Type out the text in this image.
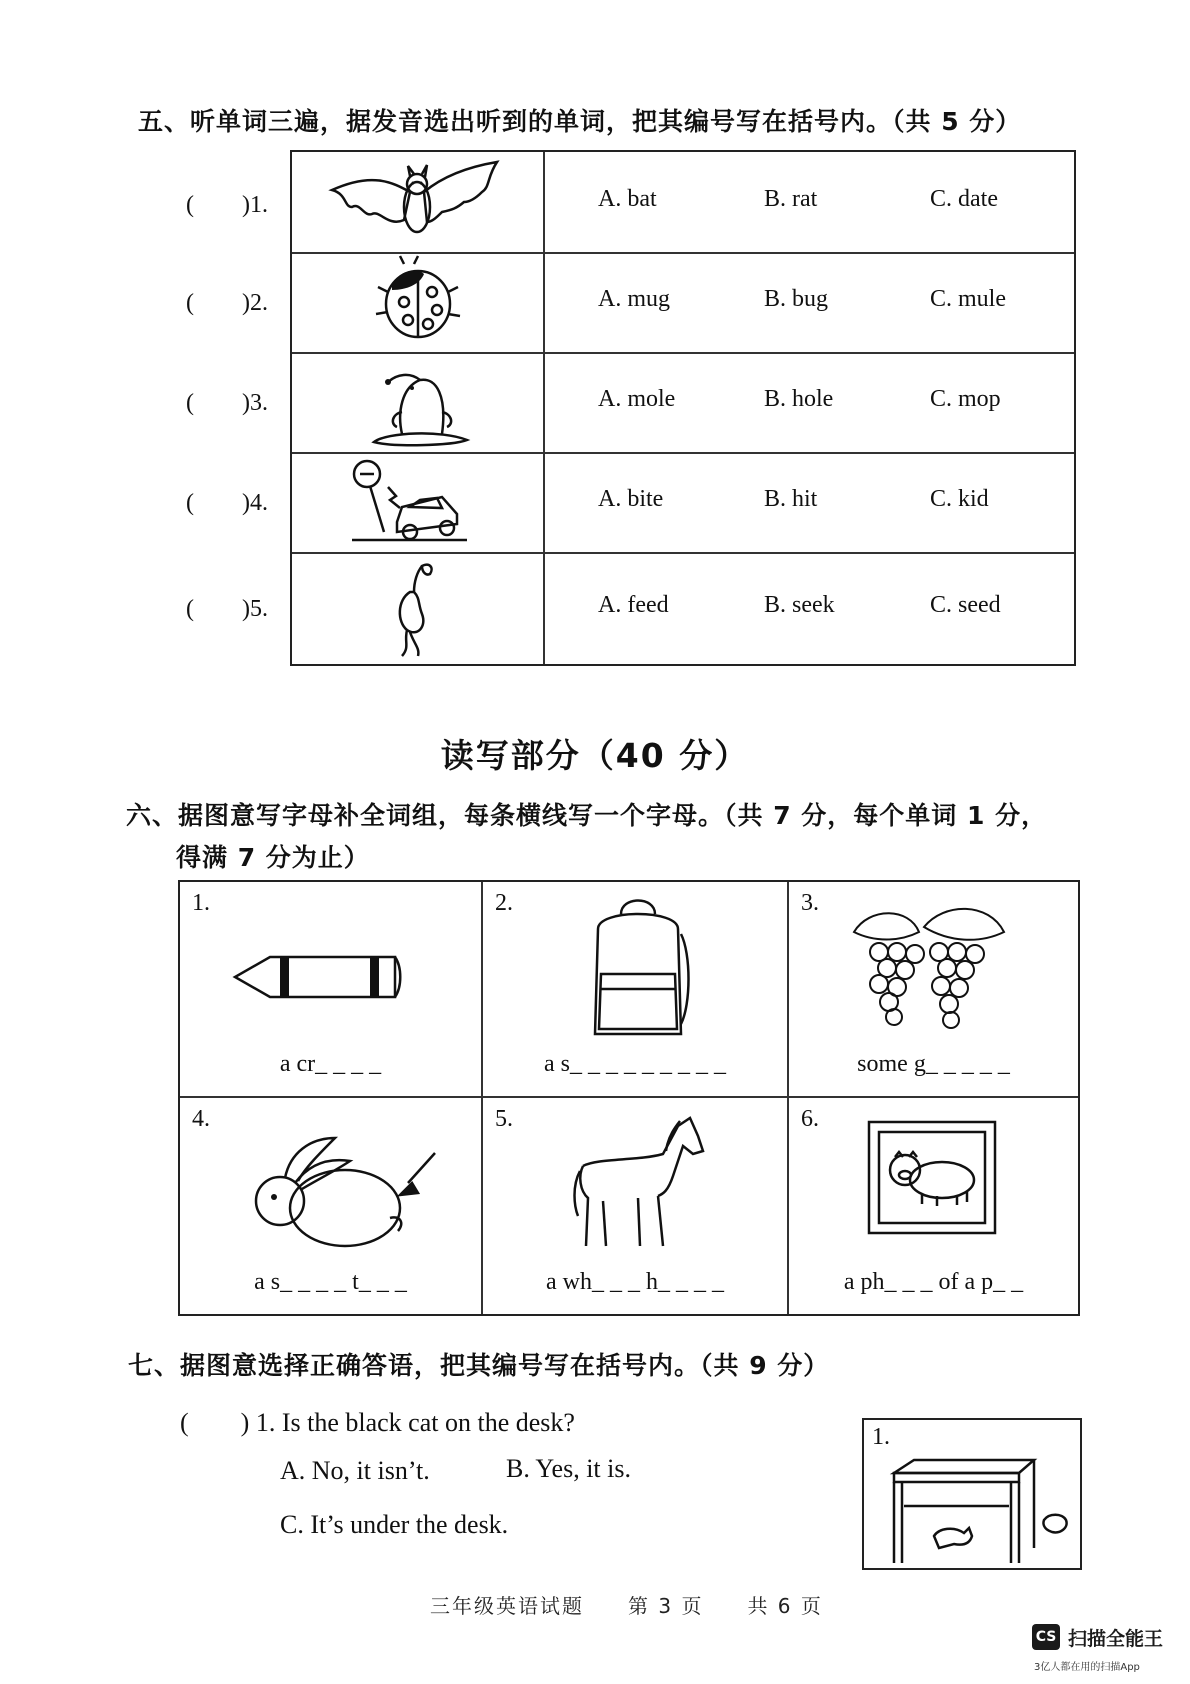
五、听单词三遍，据发音选出听到的单词，把其编号写在括号内。（共 5 分）
A. bat	B. rat	C. date
A. mug	B. bug	C. mule
A. mole	B. hole	C. mop
A. bite	B. hit	C. kid
A. feed	B. seek	C. seed
(　　)1.
(　　)2.
(　　)3.
(　　)4.
(　　)5.
读写部分（40 分）
六、据图意写字母补全词组，每条横线写一个字母。（共 7 分，每个单词 1 分，
得满 7 分为止）
1.
a cr_ _ _ _
2.
a s_ _ _ _ _ _ _ _ _
3.
some g_ _ _ _ _
4.
a s_ _ _ _ t_ _ _
5.
a wh_ _ _ h_ _ _ _
6.
a ph_ _ _ of a p_ _
七、据图意选择正确答语，把其编号写在括号内。（共 9 分）
(　　) 1. Is the black cat on the desk?
A. No, it isn’t.	B. Yes, it is.
C. It’s under the desk.
1.
三年级英语试题　　第 3 页　　共 6 页
CS 扫描全能王
3亿人都在用的扫描App
